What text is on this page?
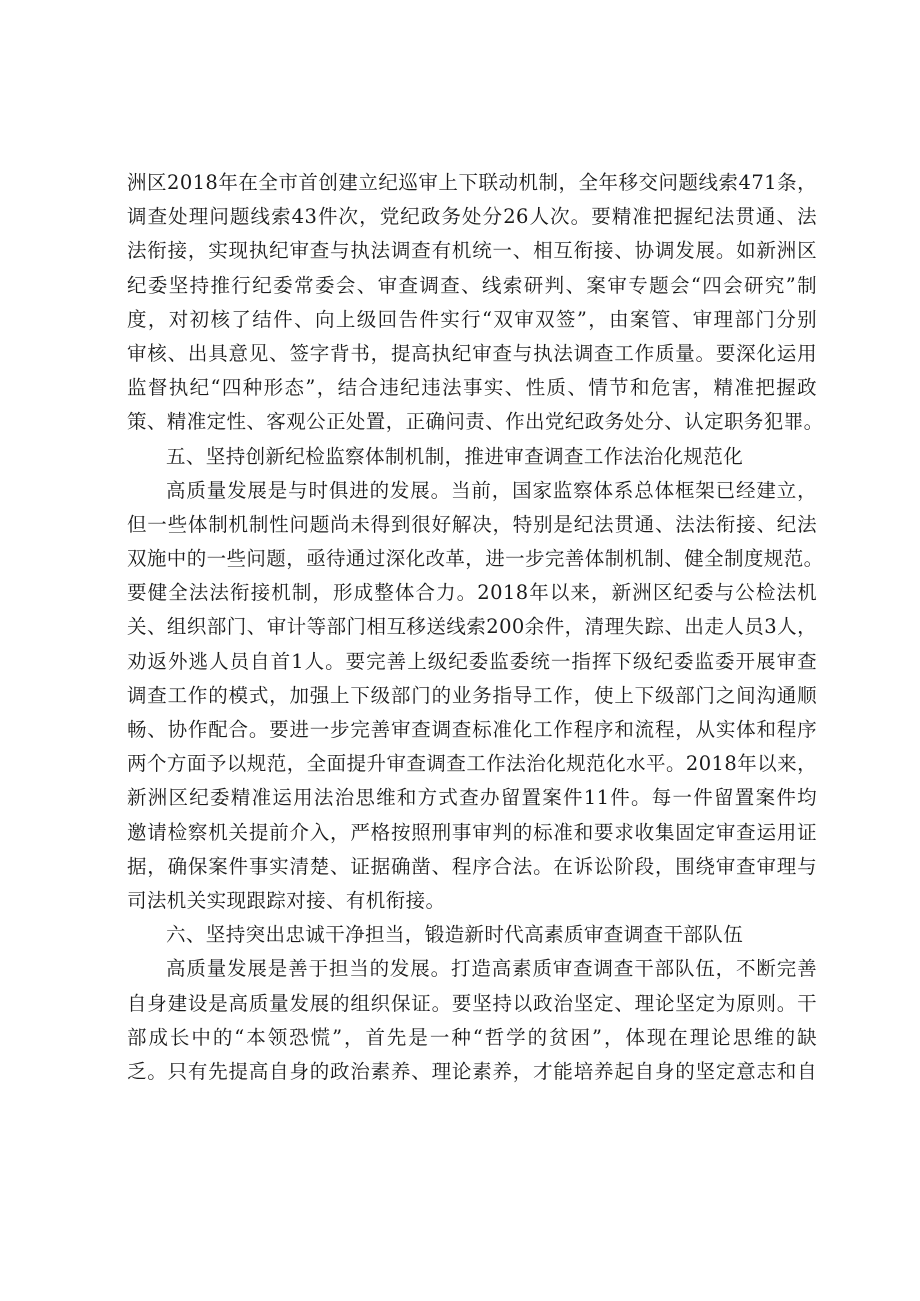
洲区2018年在全市首创建立纪巡审上下联动机制，全年移交问题线索471条，
调查处理问题线索43件次，党纪政务处分26人次。要精准把握纪法贯通、法
法衔接，实现执纪审查与执法调查有机统一、相互衔接、协调发展。如新洲区
纪委坚持推行纪委常委会、审查调查、线索研判、案审专题会“四会研究”制
度，对初核了结件、向上级回告件实行“双审双签”，由案管、审理部门分别
审核、出具意见、签字背书，提高执纪审查与执法调查工作质量。要深化运用
监督执纪“四种形态”，结合违纪违法事实、性质、情节和危害，精准把握政
策、精准定性、客观公正处置，正确问责、作出党纪政务处分、认定职务犯罪。
五、坚持创新纪检监察体制机制，推进审查调查工作法治化规范化
高质量发展是与时俱进的发展。当前，国家监察体系总体框架已经建立，
但一些体制机制性问题尚未得到很好解决，特别是纪法贯通、法法衔接、纪法
双施中的一些问题，亟待通过深化改革，进一步完善体制机制、健全制度规范。
要健全法法衔接机制，形成整体合力。2018年以来，新洲区纪委与公检法机
关、组织部门、审计等部门相互移送线索200余件，清理失踪、出走人员3人，
劝返外逃人员自首1人。要完善上级纪委监委统一指挥下级纪委监委开展审查
调查工作的模式，加强上下级部门的业务指导工作，使上下级部门之间沟通顺
畅、协作配合。要进一步完善审查调查标准化工作程序和流程，从实体和程序
两个方面予以规范，全面提升审查调查工作法治化规范化水平。2018年以来，
新洲区纪委精准运用法治思维和方式查办留置案件11件。每一件留置案件均
邀请检察机关提前介入，严格按照刑事审判的标准和要求收集固定审查运用证
据，确保案件事实清楚、证据确凿、程序合法。在诉讼阶段，围绕审查审理与
司法机关实现跟踪对接、有机衔接。
六、坚持突出忠诚干净担当，锻造新时代高素质审查调查干部队伍
高质量发展是善于担当的发展。打造高素质审查调查干部队伍，不断完善
自身建设是高质量发展的组织保证。要坚持以政治坚定、理论坚定为原则。干
部成长中的“本领恐慌”，首先是一种“哲学的贫困”，体现在理论思维的缺
乏。只有先提高自身的政治素养、理论素养，才能培养起自身的坚定意志和自
